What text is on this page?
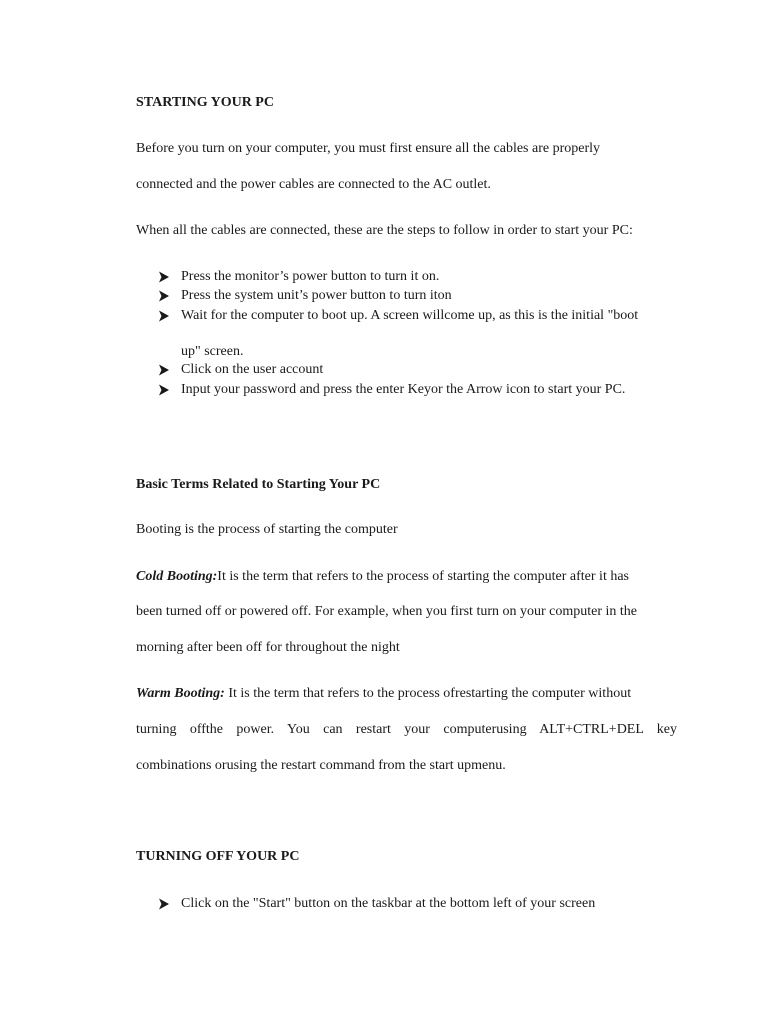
STARTING YOUR PC
Before you turn on your computer, you must first ensure all the cables are properly
connected and the power cables are connected to the AC outlet.
When all the cables are connected, these are the steps to follow in order to start your PC:
Press the monitor’s power button to turn it on.
Press the system unit’s power button to turn iton
Wait for the computer to boot up. A screen willcome up, as this is the initial "boot
up" screen.
Click on the user account
Input your password and press the enter Keyor the Arrow icon to start your PC.
Basic Terms Related to Starting Your PC
Booting is the process of starting the computer
Cold Booting:It is the term that refers to the process of starting the computer after it has
been turned off or powered off. For example, when you first turn on your computer in the
morning after been off for throughout the night
Warm Booting: It is the term that refers to the process ofrestarting the computer without
turning offthe power. You can restart your computerusing ALT+CTRL+DEL key
combinations orusing the restart command from the start upmenu.
TURNING OFF YOUR PC
Click on the "Start" button on the taskbar at the bottom left of your screen
